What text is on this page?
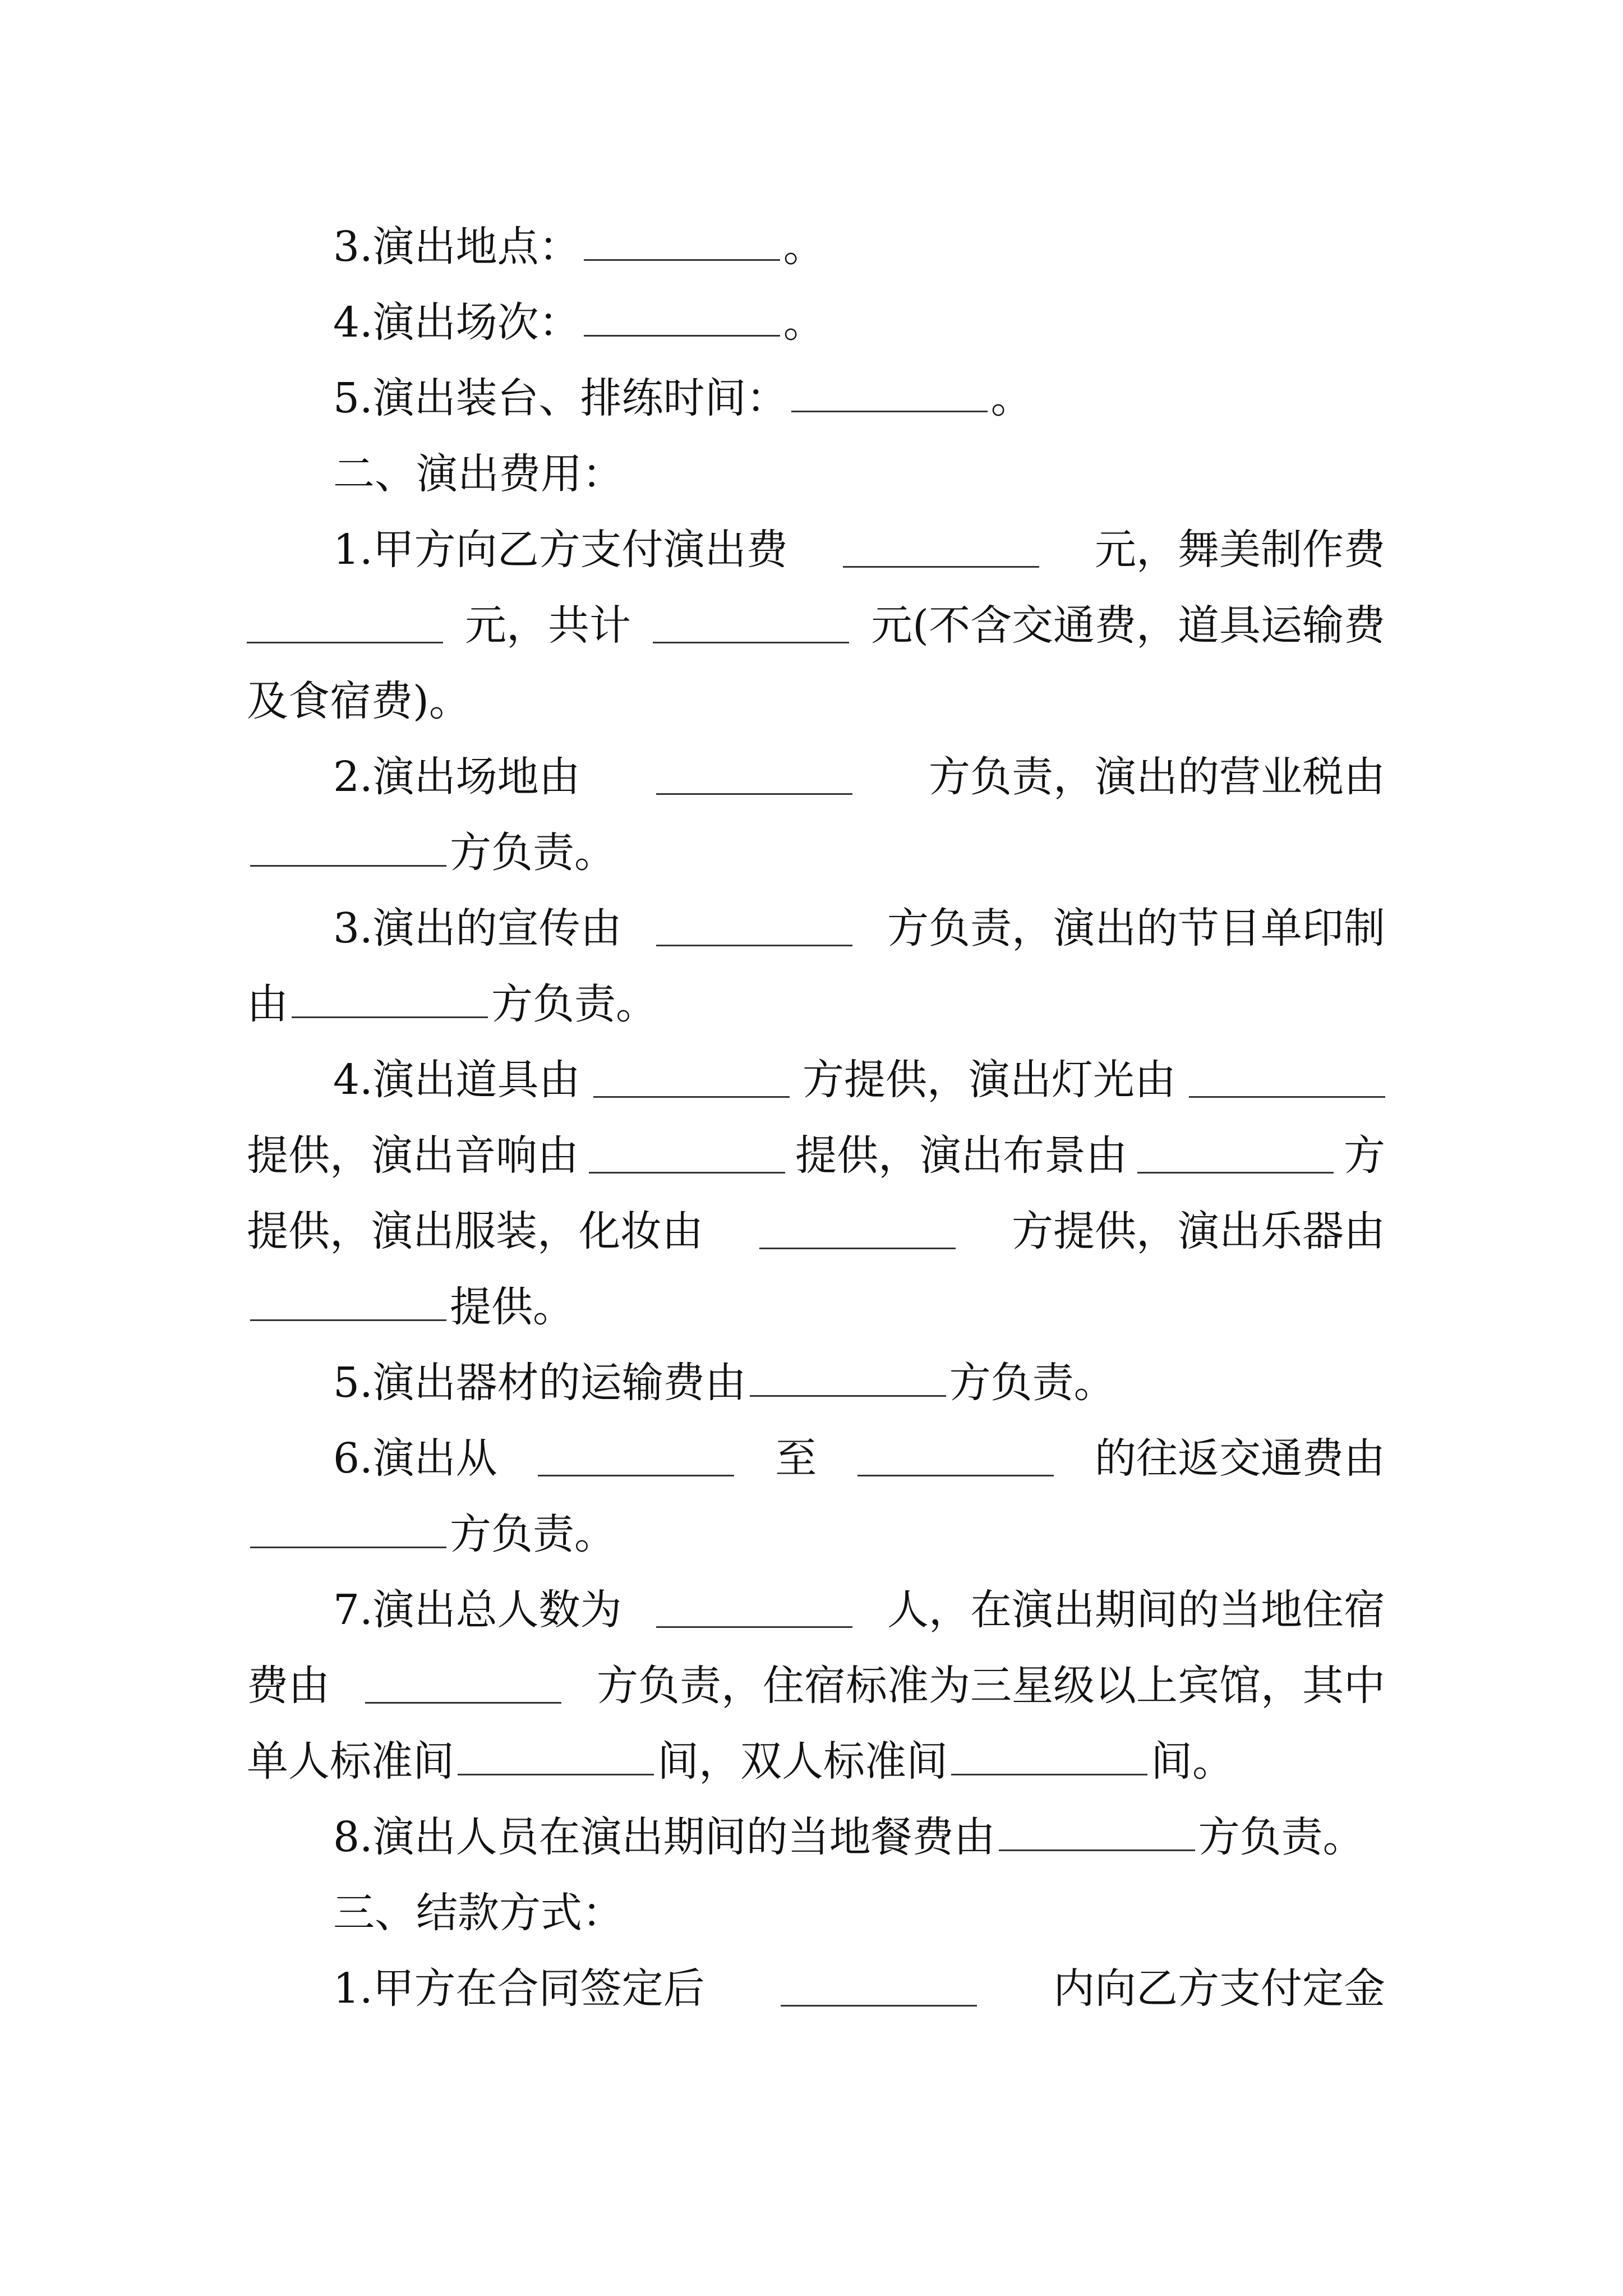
3.演出地点：	。
4.演出场次：	。
5.演出装台、排练时间：	。
二、演出费用：
1.甲方向乙方支付演出费	元，舞美制作费
元，共计	元(不含交通费，道具运输费
及食宿费)。
2.演出场地由	方负责，演出的营业税由
方负责。
3.演出的宣传由	方负责，演出的节目单印制
由	方负责。
4.演出道具由	方提供，演出灯光由
提供，演出音响由	提供，演出布景由	方
提供，演出服装，化妆由	方提供，演出乐器由
提供。
5.演出器材的运输费由	方负责。
6.演出从	至	的往返交通费由
方负责。
7.演出总人数为	人，在演出期间的当地住宿
费由	方负责，住宿标准为三星级以上宾馆，其中
单人标准间	间，双人标准间	间。
8.演出人员在演出期间的当地餐费由	方负责。
三、结款方式：
1.甲方在合同签定后	内向乙方支付定金
